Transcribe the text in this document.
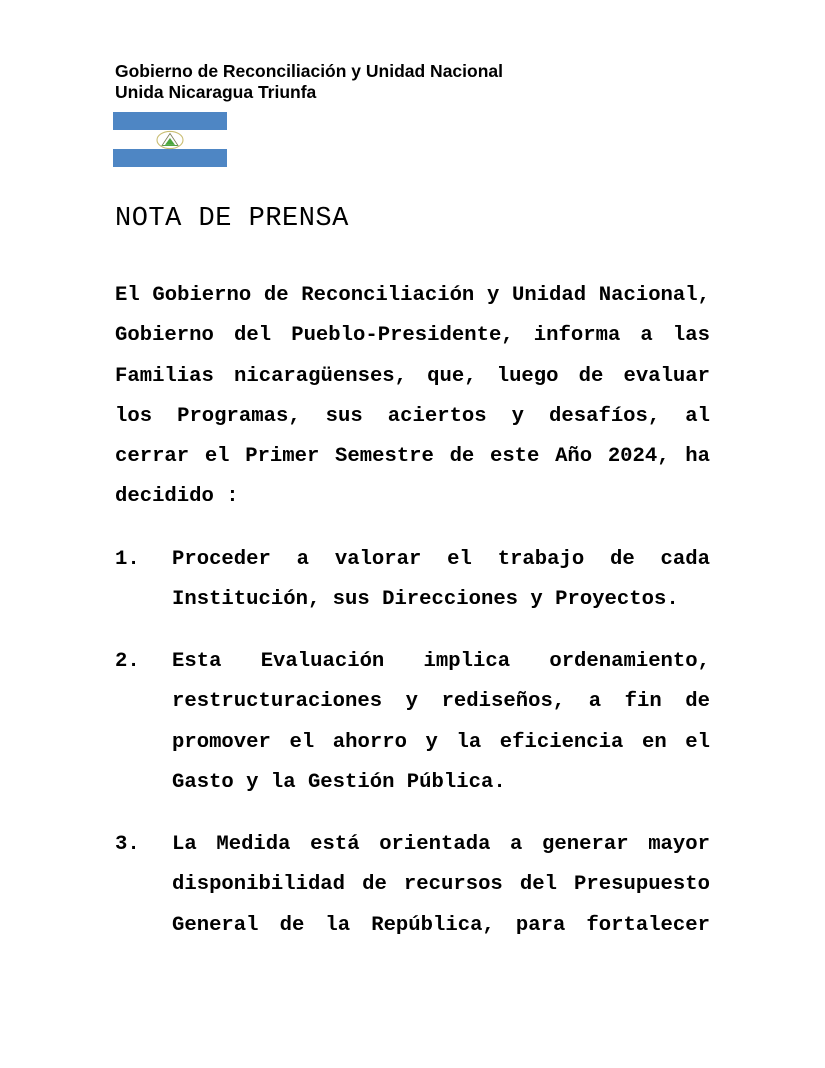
Gobierno de Reconciliación y Unidad Nacional
Unida Nicaragua Triunfa
NOTA DE PRENSA
El Gobierno de Reconciliación y Unidad Nacional,
Gobierno del Pueblo-Presidente, informa a las
Familias nicaragüenses, que, luego de evaluar
los Programas, sus aciertos y desafíos, al
cerrar el Primer Semestre de este Año 2024, ha
decidido :
1.	Proceder a valorar el trabajo de cada
Institución, sus Direcciones y Proyectos.
2.	Esta Evaluación implica ordenamiento,
restructuraciones y rediseños, a fin de
promover el ahorro y la eficiencia en el
Gasto y la Gestión Pública.
3.	La Medida está orientada a generar mayor
disponibilidad de recursos del Presupuesto
General de la República, para fortalecer
